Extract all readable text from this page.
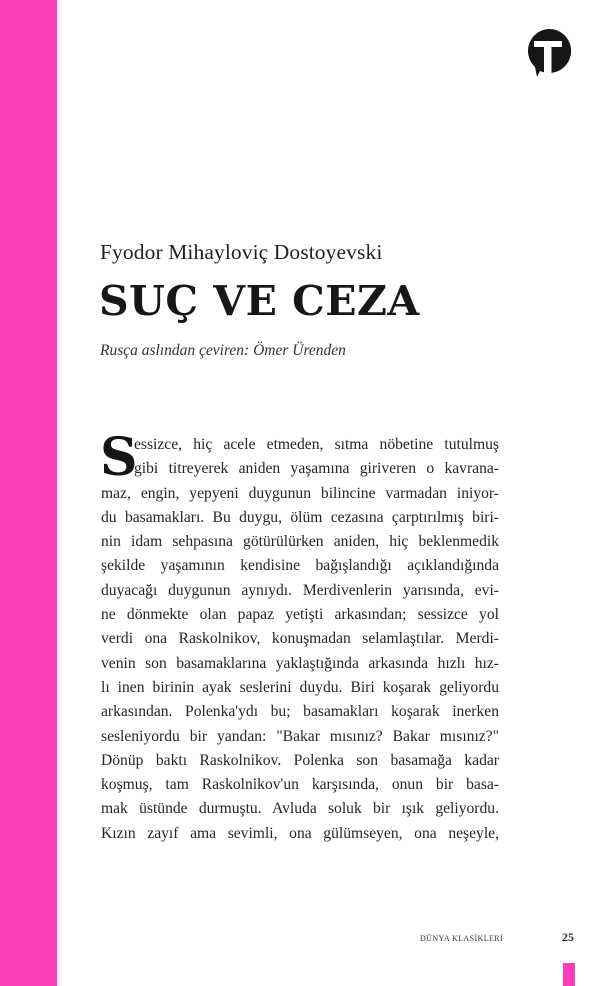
Fyodor Mihayloviç Dostoyevski
SUÇ VE CEZA
Rusça aslından çeviren: Ömer Ürenden
S
essizce, hiç acele etmeden, sıtma nöbetine tutulmuş
gibi titreyerek aniden yaşamına giriveren o kavrana-
maz, engin, yepyeni duygunun bilincine varmadan iniyor-
du basamakları. Bu duygu, ölüm cezasına çarptırılmış biri-
nin idam sehpasına götürülürken aniden, hiç beklenmedik
şekilde yaşamının kendisine bağışlandığı açıklandığında
duyacağı duygunun aynıydı. Merdivenlerin yarısında, evi-
ne dönmekte olan papaz yetişti arkasından; sessizce yol
verdi ona Raskolnikov, konuşmadan selamlaştılar. Merdi-
venin son basamaklarına yaklaştığında arkasında hızlı hız-
lı inen birinin ayak seslerini duydu. Biri koşarak geliyordu
arkasından. Polenka'ydı bu; basamakları koşarak inerken
sesleniyordu bir yandan: "Bakar mısınız? Bakar mısınız?"
Dönüp baktı Raskolnikov. Polenka son basamağa kadar
koşmuş, tam Raskolnikov'un karşısında, onun bir basa-
mak üstünde durmuştu. Avluda soluk bir ışık geliyordu.
Kızın zayıf ama sevimli, ona gülümseyen, ona neşeyle,
DÜNYA KLASİKLERİ	25
